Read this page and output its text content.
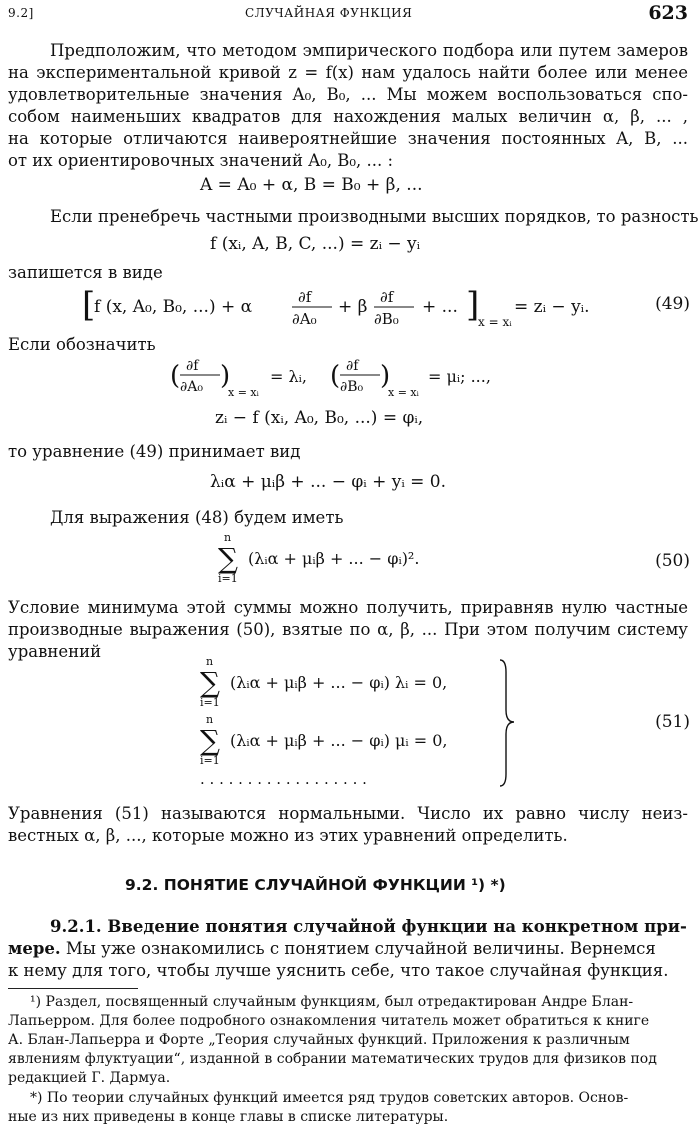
9.2]	СЛУЧАЙНАЯ ФУНКЦИЯ	623
Предположим, что методом эмпирического подбора или путем замеров
на экспериментальной кривой z = f(x) нам удалось найти более или менее
удовлетворительные значения A₀, B₀, ... Мы можем воспользоваться спо-
собом наименьших квадратов для нахождения малых величин α, β, ... ,
на которые отличаются наивероятнейшие значения постоянных A, B, ...
от их ориентировочных значений A₀, B₀, ... :
A = A₀ + α, B = B₀ + β, ...
Если пренебречь частными производными высших порядков, то разность
f (xᵢ, A, B, C, ...) = zᵢ − yᵢ
запишется в виде
[
f (x, A₀, B₀, ...) + α	∂f
∂A₀
+ β ∂f
∂B₀
+ ... ]
x = xᵢ
= zᵢ − yᵢ.	(49)
Если обозначить
( ∂f
∂A₀ )
x = xᵢ
= λᵢ, ( ∂f
∂B₀ )
x = xᵢ
= μᵢ; ...,
zᵢ − f (xᵢ, A₀, B₀, ...) = φᵢ,
то уравнение (49) принимает вид
λᵢα + μᵢβ + ... − φᵢ + yᵢ = 0.
Для выражения (48) будем иметь
n
∑
i=1
(λᵢα + μᵢβ + ... − φᵢ)².	(50)
Условие минимума этой суммы можно получить, приравняв нулю частные
производные выражения (50), взятые по α, β, ... При этом получим систему
уравнений
n
∑
i=1
(λᵢα + μᵢβ + ... − φᵢ) λᵢ = 0,
n
∑
i=1
(λᵢα + μᵢβ + ... − φᵢ) μᵢ = 0,
. . . . . . . . . . . . . . . . . .
(51)
Уравнения (51) называются нормальными. Число их равно числу неиз-
вестных α, β, ..., которые можно из этих уравнений определить.
9.2. ПОНЯТИЕ СЛУЧАЙНОЙ ФУНКЦИИ ¹) *)
9.2.1. Введение понятия случайной функции на конкретном при-
мере. Мы уже ознакомились с понятием случайной величины. Вернемся
к нему для того, чтобы лучше уяснить себе, что такое случайная функция.
¹) Раздел, посвященный случайным функциям, был отредактирован Андре Блан-
Лапьерром. Для более подробного ознакомления читатель может обратиться к книге
А. Блан-Лапьерра и Форте „Теория случайных функций. Приложения к различным
явлениям флуктуации“, изданной в собрании математических трудов для физиков под
редакцией Г. Дармуа.
*) По теории случайных функций имеется ряд трудов советских авторов. Основ-
ные из них приведены в конце главы в списке литературы.
